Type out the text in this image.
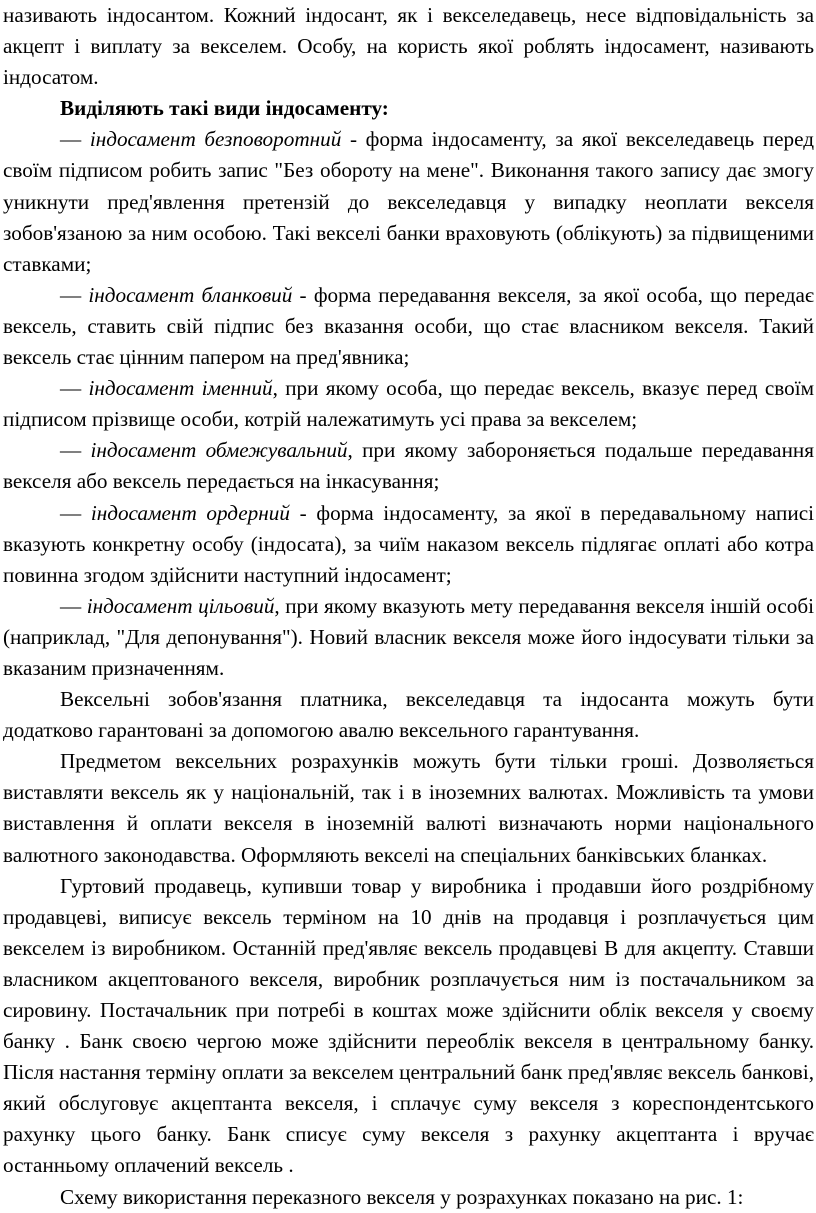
називають індосантом. Кожний індосант, як і векселедавець, несе відповідальність за акцепт і виплату за векселем. Особу, на користь якої роблять індосамент, називають індосатом.

Виділяють такі види індосаменту:

— індосамент безповоротний - форма індосаменту, за якої векселедавець перед своїм підписом робить запис "Без обороту на мене". Виконання такого запису дає змогу уникнути пред'явлення претензій до векселедавця у випадку неоплати векселя зобов'язаною за ним особою. Такі векселі банки враховують (облікують) за підвищеними ставками;

— індосамент бланковий - форма передавання векселя, за якої особа, що передає вексель, ставить свій підпис без вказання особи, що стає власником векселя. Такий вексель стає цінним папером на пред'явника;

— індосамент іменний, при якому особа, що передає вексель, вказує перед своїм підписом прізвище особи, котрій належатимуть усі права за векселем;

— індосамент обмежувальний, при якому забороняється подальше передавання векселя або вексель передається на інкасування;

— індосамент ордерний - форма індосаменту, за якої в передавальному написі вказують конкретну особу (індосата), за чиїм наказом вексель підлягає оплаті або котра повинна згодом здійснити наступний індосамент;

— індосамент цільовий, при якому вказують мету передавання векселя іншій особі (наприклад, "Для депонування"). Новий власник векселя може його індосувати тільки за вказаним призначенням.

Вексельні зобов'язання платника, векселедавця та індосанта можуть бути додатково гарантовані за допомогою авалю вексельного гарантування.

Предметом вексельних розрахунків можуть бути тільки гроші. Дозволяється виставляти вексель як у національній, так і в іноземних валютах. Можливість та умови виставлення й оплати векселя в іноземній валюті визначають норми національного валютного законодавства. Оформляють векселі на спеціальних банківських бланках.

Гуртовий продавець, купивши товар у виробника і продавши його роздрібному продавцеві, виписує вексель терміном на 10 днів на продавця і розплачується цим векселем із виробником. Останній пред'являє вексель продавцеві В для акцепту. Ставши власником акцептованого векселя, виробник розплачується ним із постачальником за сировину. Постачальник при потребі в коштах може здійснити облік векселя у своєму банку . Банк своєю чергою може здійснити переоблік векселя в центральному банку. Після настання терміну оплати за векселем центральний банк пред'являє вексель банкові, який обслуговує акцептанта векселя, і сплачує суму векселя з кореспондентського рахунку цього банку. Банк списує суму векселя з рахунку акцептанта і вручає останньому оплачений вексель .

Схему використання переказного векселя у розрахунках показано на рис. 1:
